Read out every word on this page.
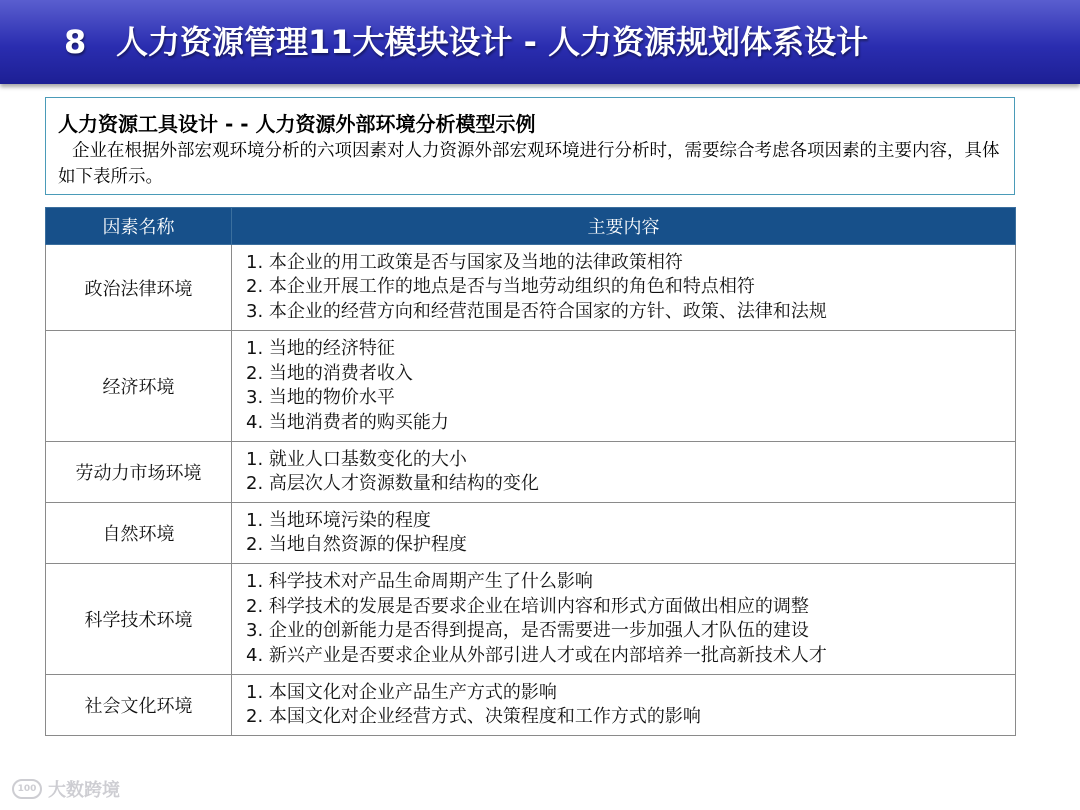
8 人力资源管理11大模块设计 - 人力资源规划体系设计
人力资源工具设计 - - 人力资源外部环境分析模型示例
企业在根据外部宏观环境分析的六项因素对人力资源外部宏观环境进行分析时，需要综合考虑各项因素的主要内容，具体如下表所示。
因素名称	主要内容
政治法律环境	1. 本企业的用工政策是否与国家及当地的法律政策相符
2. 本企业开展工作的地点是否与当地劳动组织的角色和特点相符
3. 本企业的经营方向和经营范围是否符合国家的方针、政策、法律和法规

经济环境	1. 当地的经济特征
2. 当地的消费者收入
3. 当地的物价水平
4. 当地消费者的购买能力

劳动力市场环境	1. 就业人口基数变化的大小
2. 高层次人才资源数量和结构的变化

自然环境	1. 当地环境污染的程度
2. 当地自然资源的保护程度

科学技术环境	1. 科学技术对产品生命周期产生了什么影响
2. 科学技术的发展是否要求企业在培训内容和形式方面做出相应的调整
3. 企业的创新能力是否得到提高，是否需要进一步加强人才队伍的建设
4. 新兴产业是否要求企业从外部引进人才或在内部培养一批高新技术人才

社会文化环境	1. 本国文化对企业产品生产方式的影响
2. 本国文化对企业经营方式、决策程度和工作方式的影响
100 大数跨境
